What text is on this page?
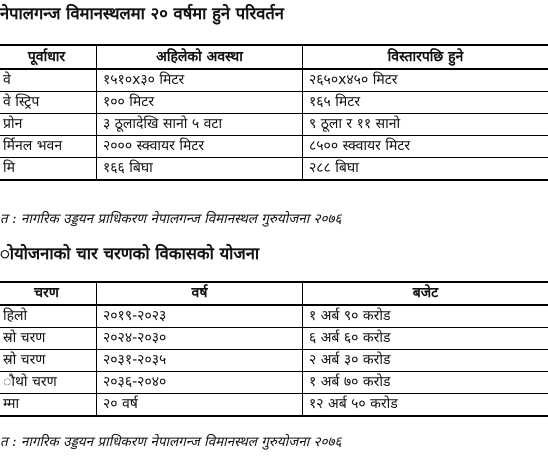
नेपालगन्ज विमानस्थलमा २० वर्षमा हुने परिवर्तन
पूर्वाधार	अहिलेको अवस्था	विस्तारपछि हुने
वे	१५१०x३० मिटर	२६५०x४५० मिटर
वे स्ट्रिप	१०० मिटर	१६५ मिटर
प्रोन	३ ठूलादेखि सानो ५ वटा	९ ठूला र ११ सानो
र्मिनल भवन	२००० स्क्वायर मिटर	८५०० स्क्वायर मिटर
मि	१६६ बिघा	२८८ बिघा
त : नागरिक उड्डयन प्राधिकरण नेपालगन्ज विमानस्थल गुरुयोजना २०७६
ोयोजनाको चार चरणको विकासको योजना
चरण	वर्ष	बजेट
हिलो	२०१९-२०२३	१ अर्ब ९० करोड
स्रो चरण	२०२४-२०३०	६ अर्ब ६० करोड
स्रो चरण	२०३१-२०३५	२ अर्ब ३० करोड
ौथो चरण	२०३६-२०४०	१ अर्ब ७० करोड
म्मा	२० वर्ष	१२ अर्ब ५० करोड
त : नागरिक उड्डयन प्राधिकरण नेपालगन्ज विमानस्थल गुरुयोजना २०७६
